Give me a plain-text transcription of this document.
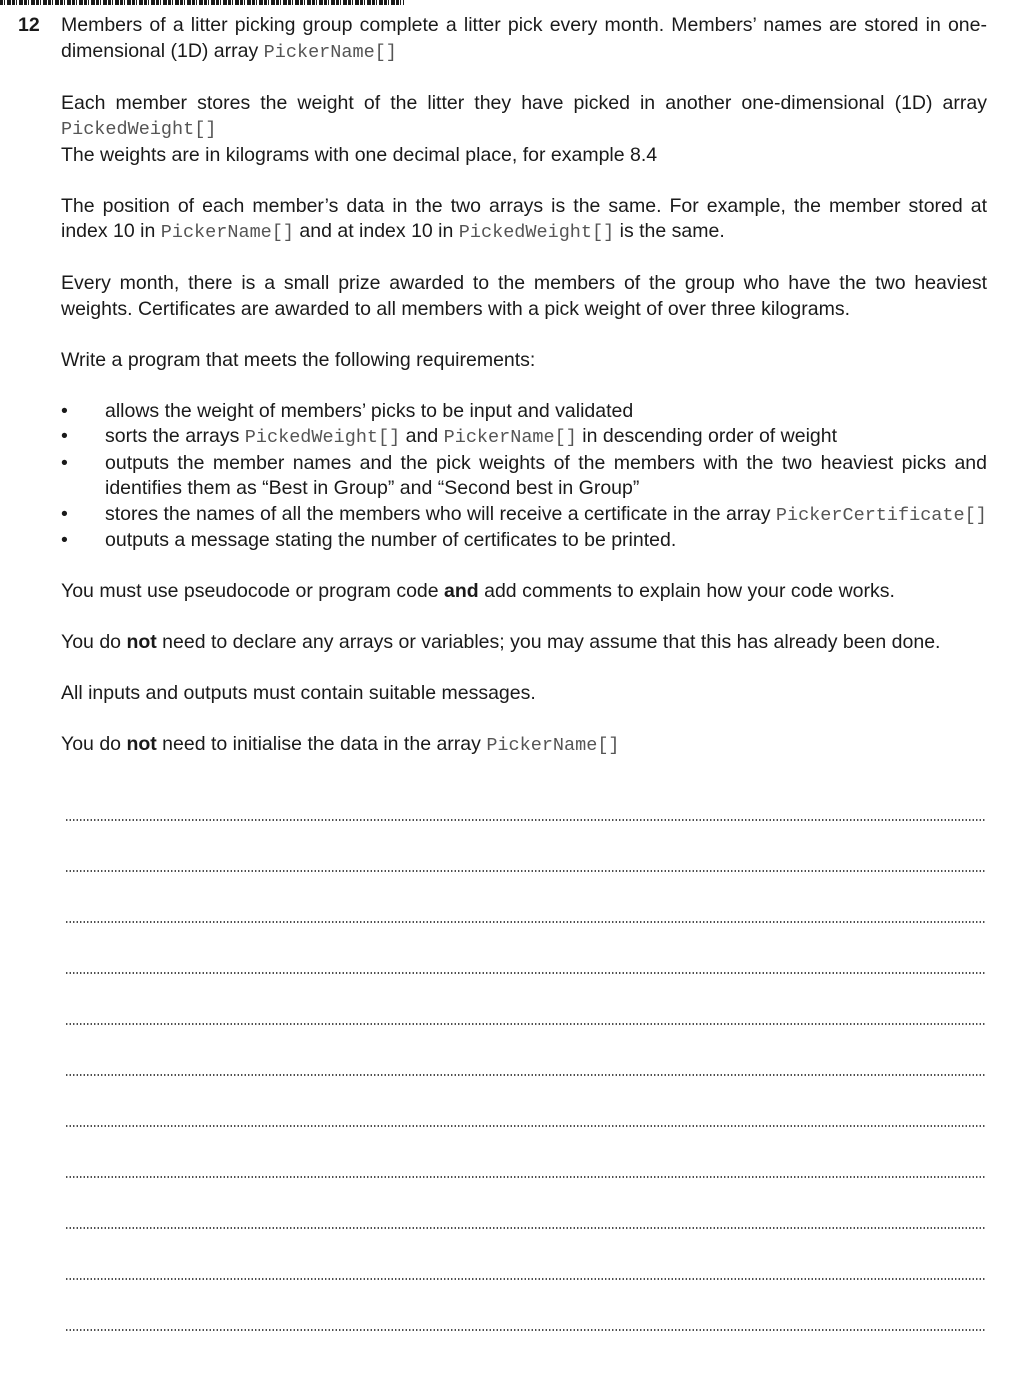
12 Members of a litter picking group complete a litter pick every month. Members’ names are stored in one-dimensional (1D) array PickerName[]

Each member stores the weight of the litter they have picked in another one-dimensional (1D) array PickedWeight[]
The weights are in kilograms with one decimal place, for example 8.4

The position of each member’s data in the two arrays is the same. For example, the member stored at index 10 in PickerName[] and at index 10 in PickedWeight[] is the same.

Every month, there is a small prize awarded to the members of the group who have the two heaviest weights. Certificates are awarded to all members with a pick weight of over three kilograms.

Write a program that meets the following requirements:

• allows the weight of members’ picks to be input and validated
• sorts the arrays PickedWeight[] and PickerName[] in descending order of weight
• outputs the member names and the pick weights of the members with the two heaviest picks and identifies them as “Best in Group” and “Second best in Group”
• stores the names of all the members who will receive a certificate in the array PickerCertificate[]
• outputs a message stating the number of certificates to be printed.

You must use pseudocode or program code and add comments to explain how your code works.

You do not need to declare any arrays or variables; you may assume that this has already been done.

All inputs and outputs must contain suitable messages.

You do not need to initialise the data in the array PickerName[]
